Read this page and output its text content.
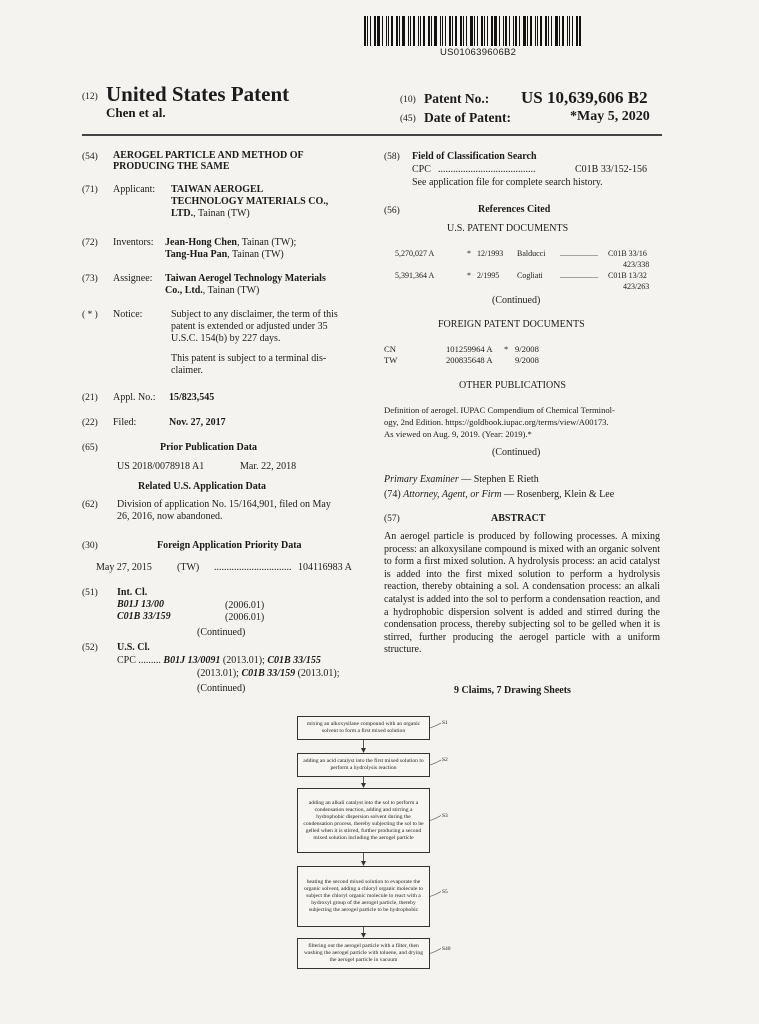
US010639606B2
(12) United States Patent
Chen et al.
(10) Patent No.: US 10,639,606 B2
(45) Date of Patent:	*May 5, 2020
(54) AEROGEL PARTICLE AND METHOD OF
PRODUCING THE SAME
(71) Applicant: TAIWAN AEROGEL
TECHNOLOGY MATERIALS CO.,
LTD., Tainan (TW)
(72) Inventors: Jean-Hong Chen, Tainan (TW);
Tang-Hua Pan, Tainan (TW)
(73) Assignee: Taiwan Aerogel Technology Materials
Co., Ltd., Tainan (TW)
( * ) Notice:	Subject to any disclaimer, the term of this
patent is extended or adjusted under 35
U.S.C. 154(b) by 227 days.
This patent is subject to a terminal dis-
claimer.
(21) Appl. No.: 15/823,545
(22) Filed:	Nov. 27, 2017
(65)	Prior Publication Data
US 2018/0078918 A1	Mar. 22, 2018
Related U.S. Application Data
(62) Division of application No. 15/164,901, filed on May
26, 2016, now abandoned.
(30)	Foreign Application Priority Data
May 27, 2015	(TW) ............................... 104116983 A
(51) Int. Cl.
B01J 13/00	(2006.01)
C01B 33/159	(2006.01)
(Continued)
(52) U.S. Cl.
CPC ......... B01J 13/0091 (2013.01); C01B 33/155
(2013.01); C01B 33/159 (2013.01);
(Continued)
(58) Field of Classification Search
CPC .......................................	C01B 33/152-156
See application file for complete search history.
(56)	References Cited
U.S. PATENT DOCUMENTS
5,270,027 A	* 12/1993 Balducci ................... C01B 33/16
423/338
5,391,364 A	* 2/1995 Cogliati ................... C01B 13/32
423/263
(Continued)
FOREIGN PATENT DOCUMENTS
CN	101259964 A * 9/2008
TW	200835648 A	9/2008
OTHER PUBLICATIONS
Definition of aerogel. IUPAC Compendium of Chemical Terminol-
ogy, 2nd Edition. https://goldbook.iupac.org/terms/view/A00173.
As viewed on Aug. 9, 2019. (Year: 2019).*
(Continued)
Primary Examiner — Stephen E Rieth
(74) Attorney, Agent, or Firm — Rosenberg, Klein & Lee
(57)	ABSTRACT
An aerogel particle is produced by following processes. A mixing process: an alkoxysilane compound is mixed with an organic solvent to form a first mixed solution. A hydrolysis process: an acid catalyst is added into the first mixed solution to perform a hydrolysis reaction, thereby obtaining a sol. A condensation process: an alkali catalyst is added into the sol to perform a condensation reaction, and a hydrophobic dispersion solvent is added and stirred during the condensation process, thereby subjecting sol to be gelled when it is stirred, further producing the aerogel particle with a uniform structure.
9 Claims, 7 Drawing Sheets
mixing an alkoxysilane compound with an organic solvent to form a first mixed solution
S1
adding an acid catalyst into the first mixed solution to perform a hydrolysis reaction
S2
adding an alkali catalyst into the sol to perform a condensation reaction, adding and stirring a hydrophobic dispersion solvent during the condensation process, thereby subjecting the sol to be gelled when it is stirred, further producing a second mixed solution including the aerogel particle
S3
heating the second mixed solution to evaporate the organic solvent, adding a chloryl organic molecule to subject the chloryl organic molecule to react with a hydroxyl group of the aerogel particle, thereby subjecting the aerogel particle to be hydrophobic
S5
filtering out the aerogel particle with a filter, then washing the aerogel particle with toluene, and drying the aerogel particle in vacuum
S40
